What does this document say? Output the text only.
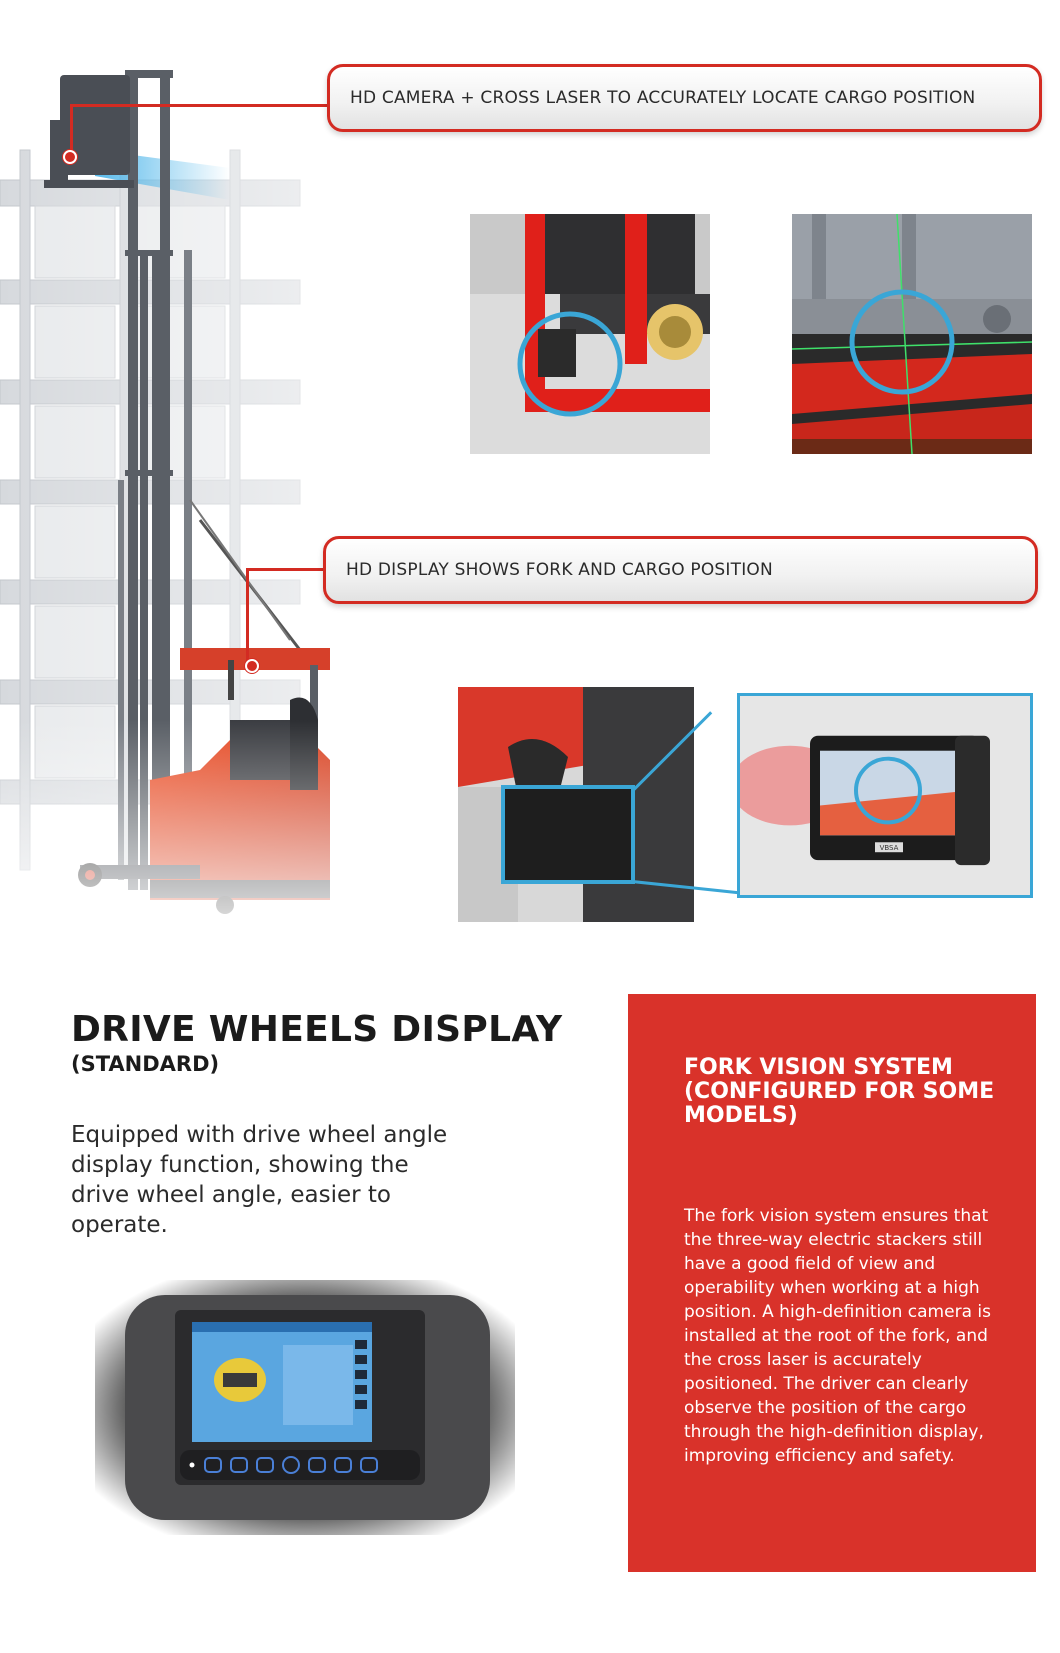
HD CAMERA + CROSS LASER TO ACCURATELY LOCATE CARGO POSITION
HD DISPLAY SHOWS FORK AND CARGO POSITION
VBSA
DRIVE WHEELS DISPLAY
(STANDARD)
Equipped with drive wheel angle display function, showing the drive wheel angle, easier to operate.
FORK VISION SYSTEM (CONFIGURED FOR SOME MODELS)
The fork vision system ensures that the three-way electric stackers still have a good field of view and operability when working at a high position. A high-definition camera is installed at the root of the fork, and the cross laser is accurately positioned. The driver can clearly observe the position of the cargo through the high-definition display, improving efficiency and safety.
